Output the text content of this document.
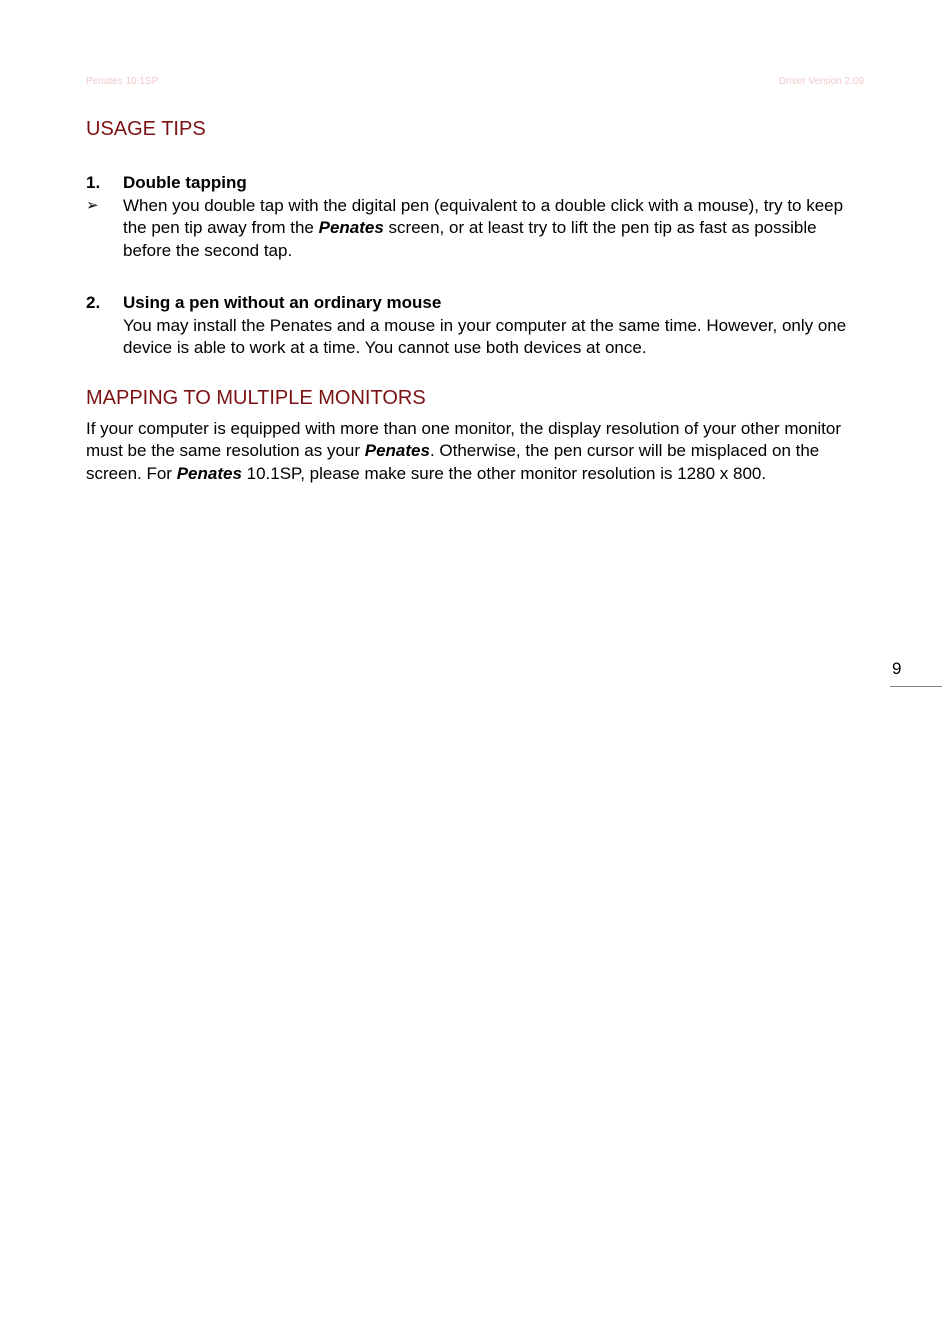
Penates 10.1SP	Driver Version 2.09
USAGE TIPS
1.	Double tapping
➢	When you double tap with the digital pen (equivalent to a double click with a mouse), try to keep the pen tip away from the Penates screen, or at least try to lift the pen tip as fast as possible before the second tap.
2.	Using a pen without an ordinary mouse
You may install the Penates and a mouse in your computer at the same time. However, only one device is able to work at a time. You cannot use both devices at once.
MAPPING TO MULTIPLE MONITORS
If your computer is equipped with more than one monitor, the display resolution of your other monitor must be the same resolution as your Penates. Otherwise, the pen cursor will be misplaced on the screen. For Penates 10.1SP, please make sure the other monitor resolution is 1280 x 800.
9
